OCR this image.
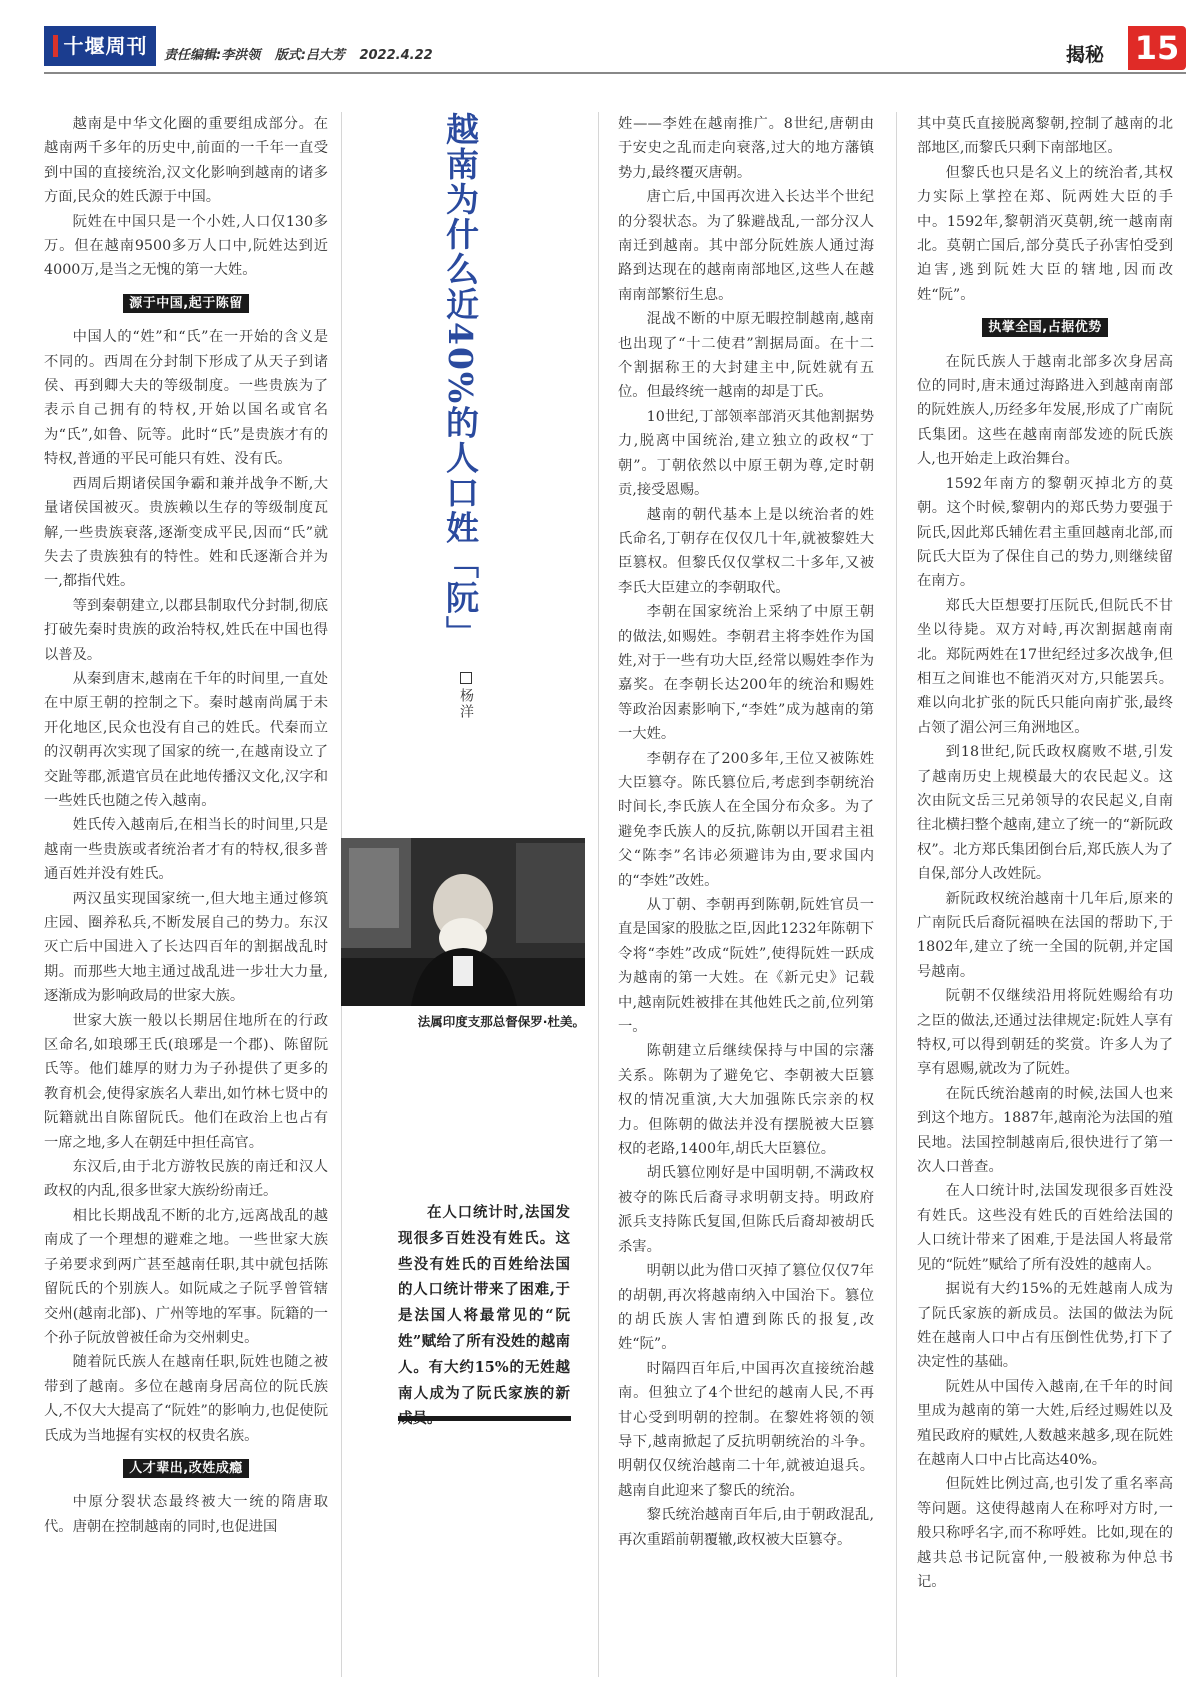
十堰周刊	责任编辑:李洪领 版式:吕大芳 2022.4.22	揭秘 15

越南是中华文化圈的重要组成部分。在越南两千多年的历史中,前面的一千年一直受到中国的直接统治,汉文化影响到越南的诸多方面,民众的姓氏源于中国。

阮姓在中国只是一个小姓,人口仅130多万。但在越南9500多万人口中,阮姓达到近4000万,是当之无愧的第一大姓。

源于中国,起于陈留

中国人的“姓”和“氏”在一开始的含义是不同的。西周在分封制下形成了从天子到诸侯、再到卿大夫的等级制度。一些贵族为了表示自己拥有的特权,开始以国名或官名为“氏”,如鲁、阮等。此时“氏”是贵族才有的特权,普通的平民可能只有姓、没有氏。

西周后期诸侯国争霸和兼并战争不断,大量诸侯国被灭。贵族赖以生存的等级制度瓦解,一些贵族衰落,逐渐变成平民,因而“氏”就失去了贵族独有的特性。姓和氏逐渐合并为一,都指代姓。

等到秦朝建立,以郡县制取代分封制,彻底打破先秦时贵族的政治特权,姓氏在中国也得以普及。

从秦到唐末,越南在千年的时间里,一直处在中原王朝的控制之下。秦时越南尚属于未开化地区,民众也没有自己的姓氏。代秦而立的汉朝再次实现了国家的统一,在越南设立了交趾等郡,派遣官员在此地传播汉文化,汉字和一些姓氏也随之传入越南。

姓氏传入越南后,在相当长的时间里,只是越南一些贵族或者统治者才有的特权,很多普通百姓并没有姓氏。

两汉虽实现国家统一,但大地主通过修筑庄园、圈养私兵,不断发展自己的势力。东汉灭亡后中国进入了长达四百年的割据战乱时期。而那些大地主通过战乱进一步壮大力量,逐渐成为影响政局的世家大族。

世家大族一般以长期居住地所在的行政区命名,如琅琊王氏(琅琊是一个郡)、陈留阮氏等。他们雄厚的财力为子孙提供了更多的教育机会,使得家族名人辈出,如竹林七贤中的阮籍就出自陈留阮氏。他们在政治上也占有一席之地,多人在朝廷中担任高官。

东汉后,由于北方游牧民族的南迁和汉人政权的内乱,很多世家大族纷纷南迁。

相比长期战乱不断的北方,远离战乱的越南成了一个理想的避难之地。一些世家大族子弟要求到两广甚至越南任职,其中就包括陈留阮氏的个别族人。如阮咸之子阮孚曾管辖交州(越南北部)、广州等地的军事。阮籍的一个孙子阮放曾被任命为交州刺史。

随着阮氏族人在越南任职,阮姓也随之被带到了越南。多位在越南身居高位的阮氏族人,不仅大大提高了“阮姓”的影响力,也促使阮氏成为当地握有实权的权贵名族。

人才辈出,改姓成瘾

中原分裂状态最终被大一统的隋唐取代。唐朝在控制越南的同时,也促进国

越南为什么近40%的人口姓「阮」
杨洋
法属印度支那总督保罗·杜美。
在人口统计时,法国发现很多百姓没有姓氏。这些没有姓氏的百姓给法国的人口统计带来了困难,于是法国人将最常见的“阮姓”赋给了所有没姓的越南人。有大约15%的无姓越南人成为了阮氏家族的新

姓——李姓在越南推广。8世纪,唐朝由于安史之乱而走向衰落,过大的地方藩镇势力,最终覆灭唐朝。

唐亡后,中国再次进入长达半个世纪的分裂状态。为了躲避战乱,一部分汉人南迁到越南。其中部分阮姓族人通过海路到达现在的越南南部地区,这些人在越南南部繁衍生息。

混战不断的中原无暇控制越南,越南也出现了“十二使君”割据局面。在十二个割据称王的大封建主中,阮姓就有五位。但最终统一越南的却是丁氏。

10世纪,丁部领率部消灭其他割据势力,脱离中国统治,建立独立的政权“丁朝”。丁朝依然以中原王朝为尊,定时朝贡,接受恩赐。

越南的朝代基本上是以统治者的姓氏命名,丁朝存在仅仅几十年,就被黎姓大臣篡权。但黎氏仅仅掌权二十多年,又被李氏大臣建立的李朝取代。

李朝在国家统治上采纳了中原王朝的做法,如赐姓。李朝君主将李姓作为国姓,对于一些有功大臣,经常以赐姓李作为嘉奖。在李朝长达200年的统治和赐姓等政治因素影响下,“李姓”成为越南的第一大姓。

李朝存在了200多年,王位又被陈姓大臣篡夺。陈氏篡位后,考虑到李朝统治时间长,李氏族人在全国分布众多。为了避免李氏族人的反抗,陈朝以开国君主祖父“陈李”名讳必须避讳为由,要求国内的“李姓”改姓。

从丁朝、李朝再到陈朝,阮姓官员一直是国家的股肱之臣,因此1232年陈朝下令将“李姓”改成“阮姓”,使得阮姓一跃成为越南的第一大姓。在《新元史》记载中,越南阮姓被排在其他姓氏之前,位列第一。

陈朝建立后继续保持与中国的宗藩关系。陈朝为了避免它、李朝被大臣篡权的情况重演,大大加强陈氏宗亲的权力。但陈朝的做法并没有摆脱被大臣篡权的老路,1400年,胡氏大臣篡位。

胡氏篡位刚好是中国明朝,不满政权被夺的陈氏后裔寻求明朝支持。明政府派兵支持陈氏复国,但陈氏后裔却被胡氏杀害。

明朝以此为借口灭掉了篡位仅仅7年的胡朝,再次将越南纳入中国治下。篡位的胡氏族人害怕遭到陈氏的报复,改姓“阮”。

时隔四百年后,中国再次直接统治越南。但独立了4个世纪的越南人民,不再甘心受到明朝的控制。在黎姓将领的领导下,越南掀起了反抗明朝统治的斗争。明朝仅仅统治越南二十年,就被迫退兵。越南自此迎来了黎氏的统治。

黎氏统治越南百年后,由于朝政混乱,再次重蹈前朝覆辙,政权被大臣篡夺。

其中莫氏直接脱离黎朝,控制了越南的北部地区,而黎氏只剩下南部地区。

但黎氏也只是名义上的统治者,其权力实际上掌控在郑、阮两姓大臣的手中。1592年,黎朝消灭莫朝,统一越南南北。莫朝亡国后,部分莫氏子孙害怕受到迫害,逃到阮姓大臣的辖地,因而改姓“阮”。

执掌全国,占据优势

在阮氏族人于越南北部多次身居高位的同时,唐末通过海路进入到越南南部的阮姓族人,历经多年发展,形成了广南阮氏集团。这些在越南南部发迹的阮氏族人,也开始走上政治舞台。

1592年南方的黎朝灭掉北方的莫朝。这个时候,黎朝内的郑氏势力要强于阮氏,因此郑氏辅佐君主重回越南北部,而阮氏大臣为了保住自己的势力,则继续留在南方。

郑氏大臣想要打压阮氏,但阮氏不甘坐以待毙。双方对峙,再次割据越南南北。郑阮两姓在17世纪经过多次战争,但相互之间谁也不能消灭对方,只能罢兵。难以向北扩张的阮氏只能向南扩张,最终占领了湄公河三角洲地区。

到18世纪,阮氏政权腐败不堪,引发了越南历史上规模最大的农民起义。这次由阮文岳三兄弟领导的农民起义,自南往北横扫整个越南,建立了统一的“新阮政权”。北方郑氏集团倒台后,郑氏族人为了自保,部分人改姓阮。

新阮政权统治越南十几年后,原来的广南阮氏后裔阮福映在法国的帮助下,于1802年,建立了统一全国的阮朝,并定国号越南。

阮朝不仅继续沿用将阮姓赐给有功之臣的做法,还通过法律规定:阮姓人享有特权,可以得到朝廷的奖赏。许多人为了享有恩赐,就改为了阮姓。

在阮氏统治越南的时候,法国人也来到这个地方。1887年,越南沦为法国的殖民地。法国控制越南后,很快进行了第一次人口普查。

在人口统计时,法国发现很多百姓没有姓氏。这些没有姓氏的百姓给法国的人口统计带来了困难,于是法国人将最常见的“阮姓”赋给了所有没姓的越南人。

据说有大约15%的无姓越南人成为了阮氏家族的新成员。法国的做法为阮姓在越南人口中占有压倒性优势,打下了决定性的基础。

阮姓从中国传入越南,在千年的时间里成为越南的第一大姓,后经过赐姓以及殖民政府的赋姓,人数越来越多,现在阮姓在越南人口中占比高达40%。

但阮姓比例过高,也引发了重名率高等问题。这使得越南人在称呼对方时,一般只称呼名字,而不称呼姓。比如,现在的越共总书记阮富仲,一般被称为仲总书记。
